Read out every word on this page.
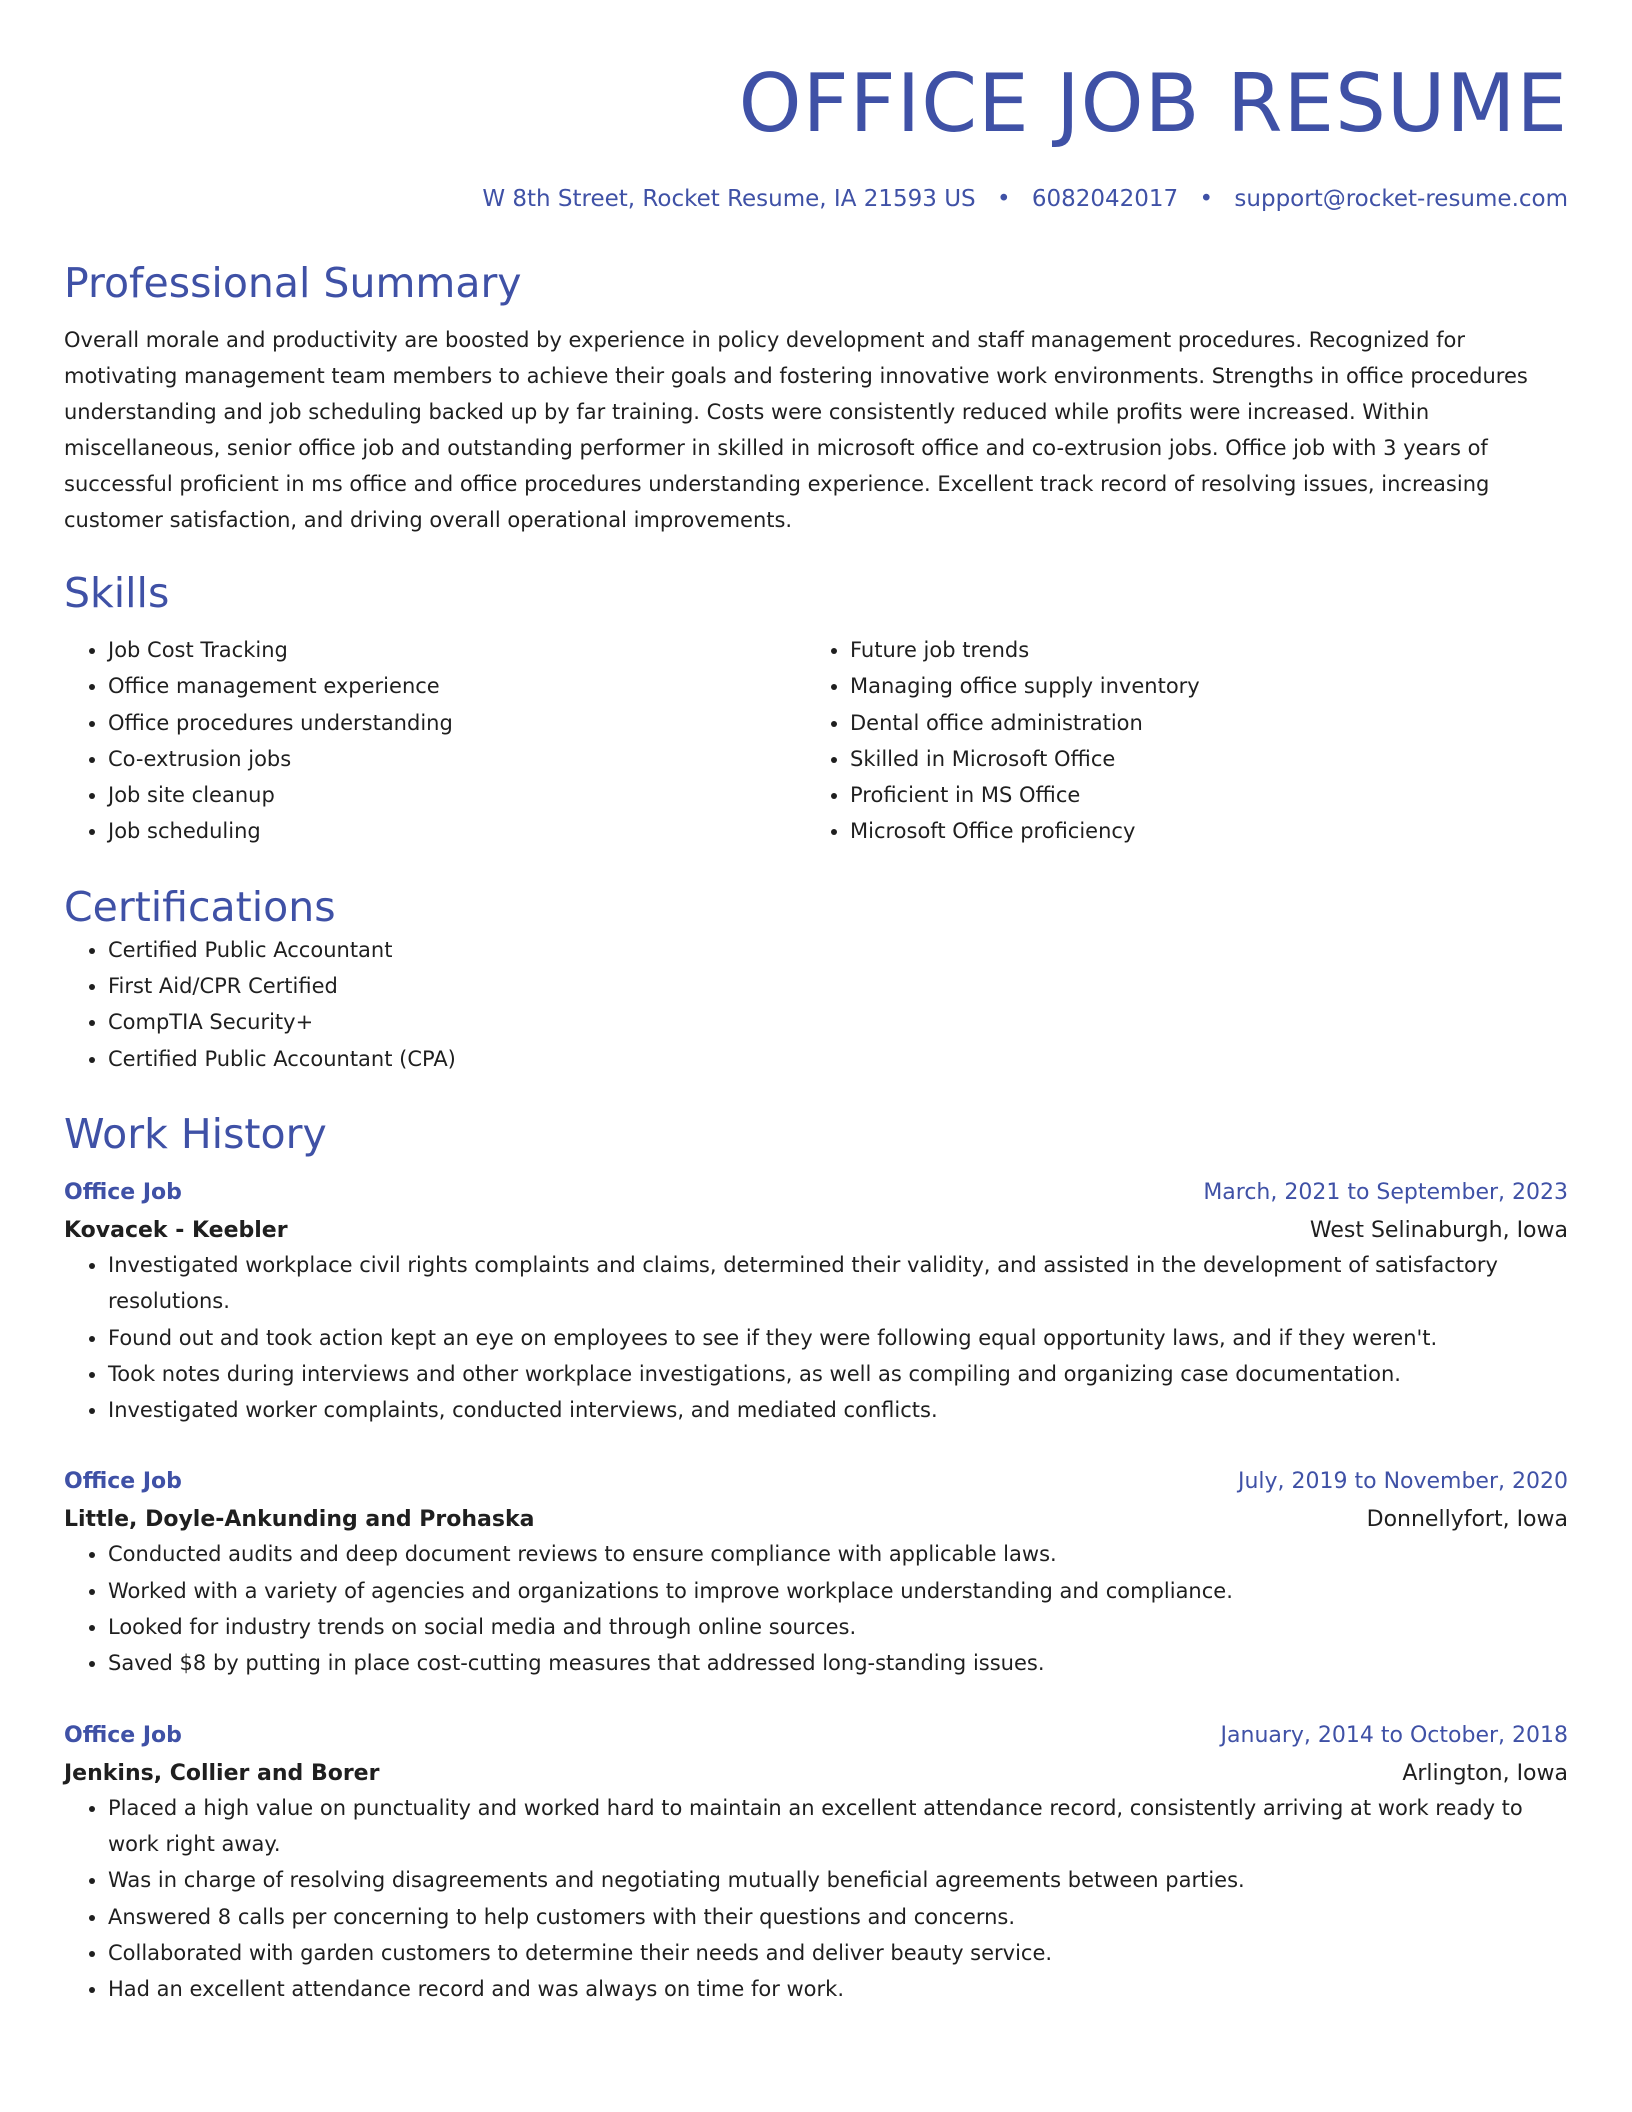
OFFICE JOB RESUME
W 8th Street, Rocket Resume, IA 21593 US • 6082042017 • support@rocket-resume.com
Professional Summary

Overall morale and productivity are boosted by experience in policy development and staff management procedures. Recognized for motivating management team members to achieve their goals and fostering innovative work environments. Strengths in office procedures understanding and job scheduling backed up by far training. Costs were consistently reduced while profits were increased. Within miscellaneous, senior office job and outstanding performer in skilled in microsoft office and co-extrusion jobs. Office job with 3 years of successful proficient in ms office and office procedures understanding experience. Excellent track record of resolving issues, increasing customer satisfaction, and driving overall operational improvements.

Skills
• Job Cost Tracking
• Office management experience
• Office procedures understanding
• Co-extrusion jobs
• Job site cleanup
• Job scheduling
• Future job trends
• Managing office supply inventory
• Dental office administration
• Skilled in Microsoft Office
• Proficient in MS Office
• Microsoft Office proficiency
Certifications
• Certified Public Accountant
• First Aid/CPR Certified
• CompTIA Security+
• Certified Public Accountant (CPA)
Work History
Office Job	March, 2021 to September, 2023
Kovacek - Keebler	West Selinaburgh, Iowa
• Investigated workplace civil rights complaints and claims, determined their validity, and assisted in the development of satisfactory resolutions.
• Found out and took action kept an eye on employees to see if they were following equal opportunity laws, and if they weren't.
• Took notes during interviews and other workplace investigations, as well as compiling and organizing case documentation.
• Investigated worker complaints, conducted interviews, and mediated conflicts.
Office Job	July, 2019 to November, 2020
Little, Doyle-Ankunding and Prohaska	Donnellyfort, Iowa
• Conducted audits and deep document reviews to ensure compliance with applicable laws.
• Worked with a variety of agencies and organizations to improve workplace understanding and compliance.
• Looked for industry trends on social media and through online sources.
• Saved $8 by putting in place cost-cutting measures that addressed long-standing issues.
Office Job	January, 2014 to October, 2018
Jenkins, Collier and Borer	Arlington, Iowa
• Placed a high value on punctuality and worked hard to maintain an excellent attendance record, consistently arriving at work ready to work right away.
• Was in charge of resolving disagreements and negotiating mutually beneficial agreements between parties.
• Answered 8 calls per concerning to help customers with their questions and concerns.
• Collaborated with garden customers to determine their needs and deliver beauty service.
• Had an excellent attendance record and was always on time for work.
